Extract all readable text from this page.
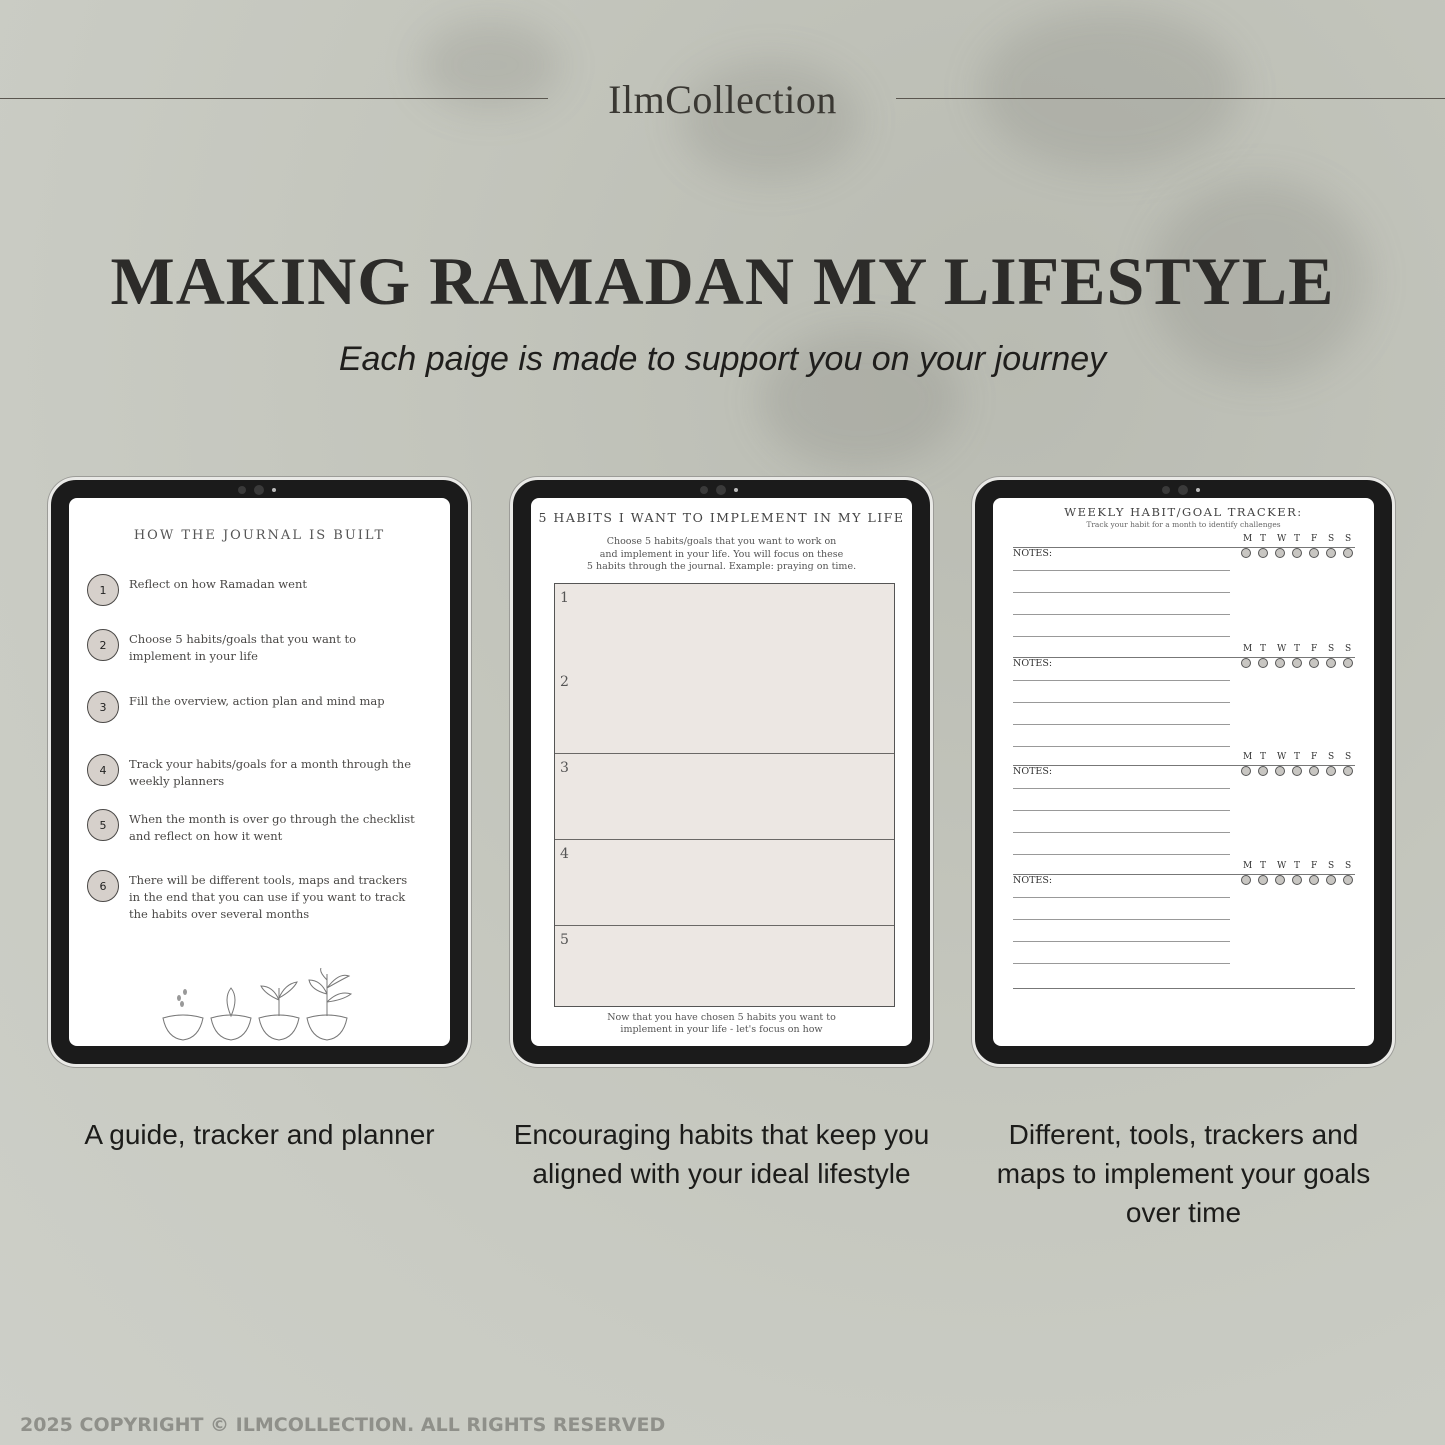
IlmCollection
MAKING RAMADAN MY LIFESTYLE
Each paige is made to support you on your journey
HOW THE JOURNAL IS BUILT
1	Reflect on how Ramadan went
2	Choose 5 habits/goals that you want to implement in your life
3	Fill the overview, action plan and mind map
4	Track your habits/goals for a month through the weekly planners
5	When the month is over go through the checklist and reflect on how it went
6	There will be different tools, maps and trackers in the end that you can use if you want to track the habits over several months
5 HABITS I WANT TO IMPLEMENT IN MY LIFE
Choose 5 habits/goals that you want to work on
and implement in your life. You will focus on these
5 habits through the journal. Example: praying on time.
1
2
3
4
5
Now that you have chosen 5 habits you want to
implement in your life - let's focus on how
WEEKLY HABIT/GOAL TRACKER:
Track your habit for a month to identify challenges
NOTES:
M T W T F S S
NOTES:
M T W T F S S
NOTES:
M T W T F S S
NOTES:
M T W T F S S
A guide, tracker and planner	Encouraging habits that keep you aligned with your ideal lifestyle
Different, tools, trackers and maps to implement your goals over time
2025 COPYRIGHT © ILMCOLLECTION. ALL RIGHTS RESERVED
